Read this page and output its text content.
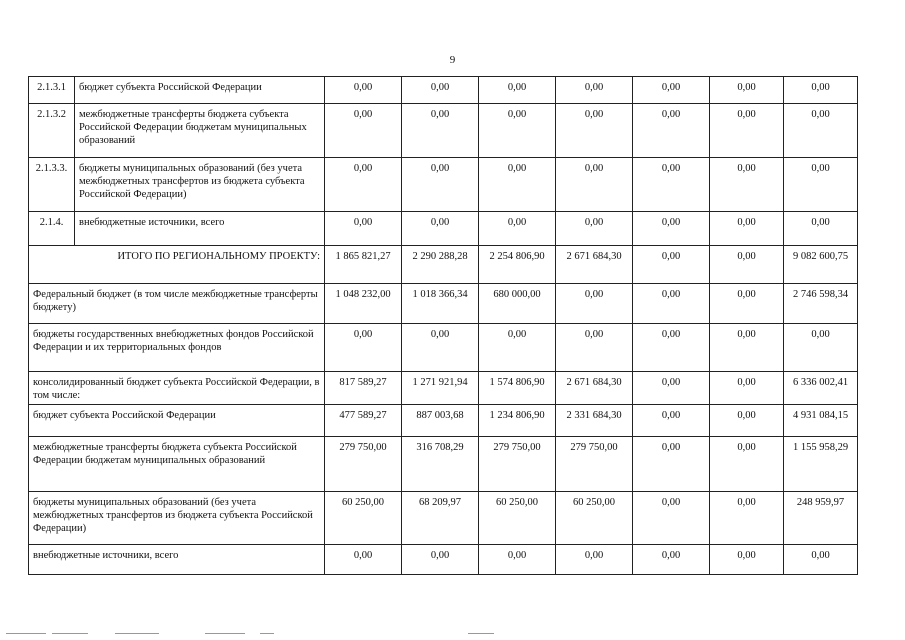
9
2.1.3.1	бюджет субъекта Российской Федерации	0,00	0,00	0,00	0,00	0,00	0,00	0,00
2.1.3.2	межбюджетные трансферты бюджета субъекта Российской Федерации бюджетам муниципальных образований	0,00	0,00	0,00	0,00	0,00	0,00	0,00
2.1.3.3.	бюджеты муниципальных образований (без учета межбюджетных трансфертов из бюджета субъекта Российской Федерации)	0,00	0,00	0,00	0,00	0,00	0,00	0,00
2.1.4.	внебюджетные источники, всего	0,00	0,00	0,00	0,00	0,00	0,00	0,00
ИТОГО ПО РЕГИОНАЛЬНОМУ ПРОЕКТУ:		1 865 821,27	2 290 288,28	2 254 806,90	2 671 684,30	0,00	0,00	9 082 600,75
Федеральный бюджет (в том числе межбюджетные трансферты бюджету)		1 048 232,00	1 018 366,34	680 000,00	0,00	0,00	0,00	2 746 598,34
бюджеты государственных внебюджетных фондов Российской Федерации и их территориальных фондов		0,00	0,00	0,00	0,00	0,00	0,00	0,00
консолидированный бюджет субъекта Российской Федерации, в том числе:		817 589,27	1 271 921,94	1 574 806,90	2 671 684,30	0,00	0,00	6 336 002,41
бюджет субъекта Российской Федерации		477 589,27	887 003,68	1 234 806,90	2 331 684,30	0,00	0,00	4 931 084,15
межбюджетные трансферты бюджета субъекта Российской Федерации бюджетам муниципальных образований		279 750,00	316 708,29	279 750,00	279 750,00	0,00	0,00	1 155 958,29
бюджеты муниципальных образований (без учета межбюджетных трансфертов из бюджета субъекта Российской Федерации)		60 250,00	68 209,97	60 250,00	60 250,00	0,00	0,00	248 959,97
внебюджетные источники, всего		0,00	0,00	0,00	0,00	0,00	0,00	0,00
